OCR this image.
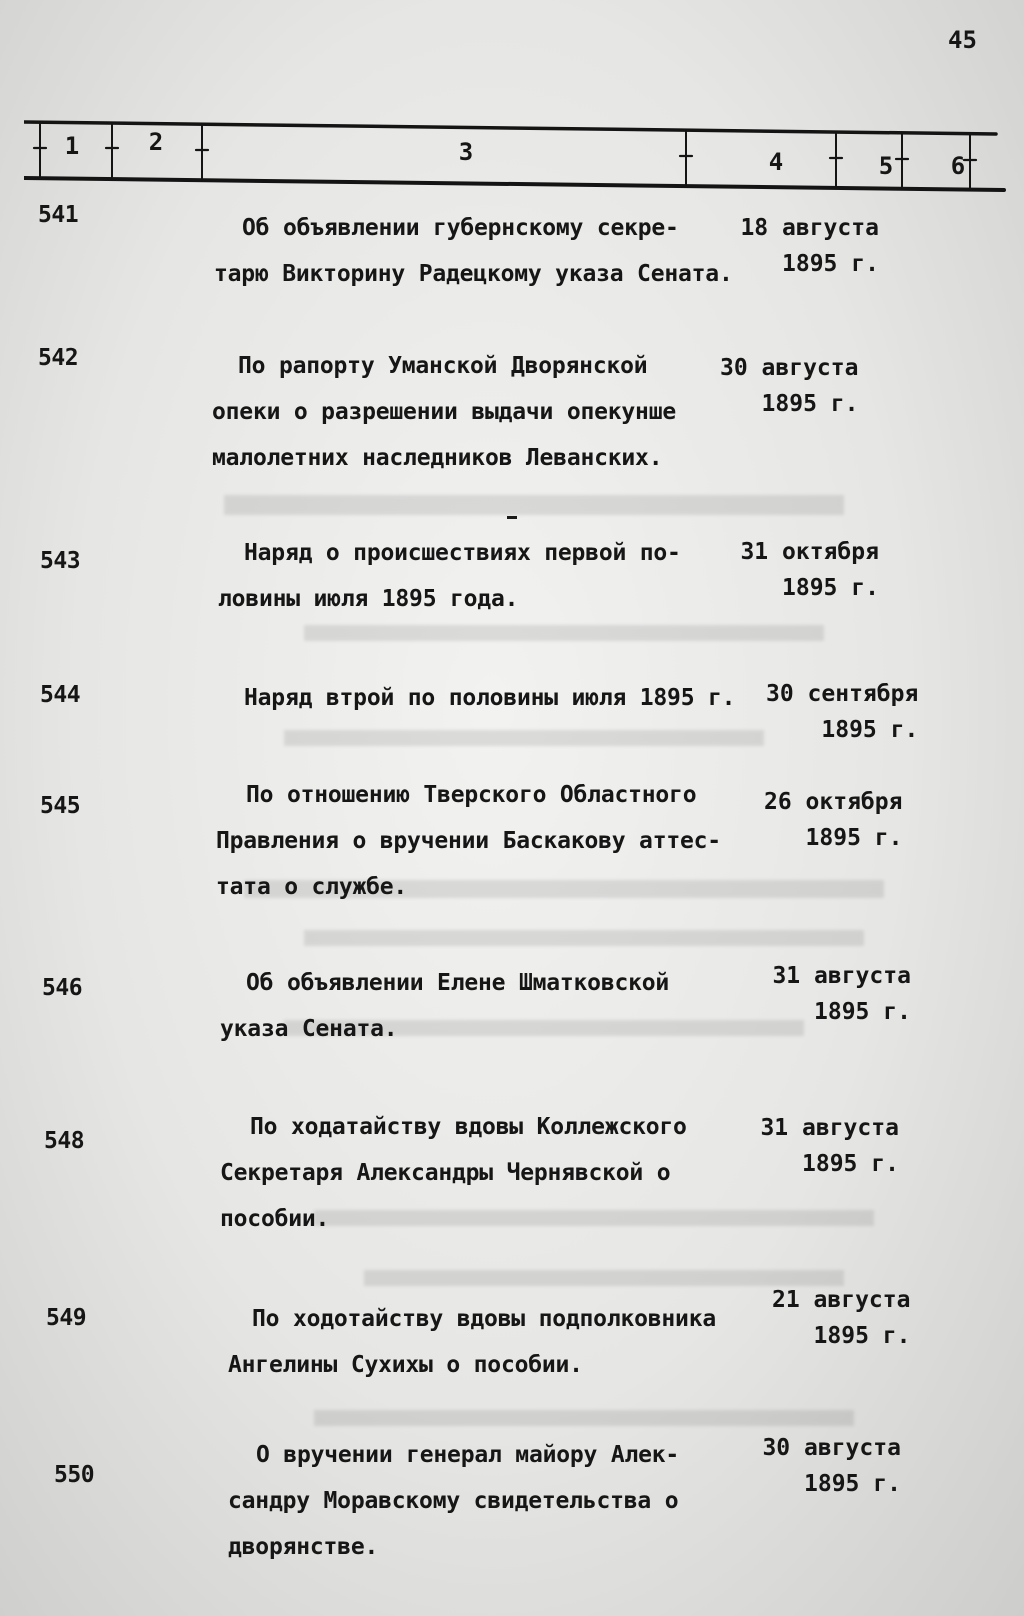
45
1	2	3	4	5 6
541	Об объявлении губернскому секре-
тарю Викторину Радецкому указа Сената.
18 августа
1895 г.
542	По рапорту Уманской Дворянской
опеки о разрешении выдачи опекунше
малолетних наследников Леванских.
30 августа
1895 г.
543	Наряд о происшествиях первой по-
ловины июля 1895 года.
31 октября
1895 г.
544	Наряд втрой по половины июля 1895 г. 30 сентября
1895 г.
545	По отношению Тверского Областного
Правления о вручении Баскакову аттес-
тата о службе.
26 октября
1895 г.
546	Об объявлении Елене Шматковской
указа Сената.
31 августа
1895 г.
548
По ходатайству вдовы Коллежского
Секретаря Александры Чернявской о
пособии.
31 августа
1895 г.
549	По ходотайству вдовы подполковника
Ангелины Сухихы о пособии.
21 августа
1895 г.
550
О вручении генерал майору Алек-
сандру Моравскому свидетельства о
дворянстве.
30 августа
1895 г.
